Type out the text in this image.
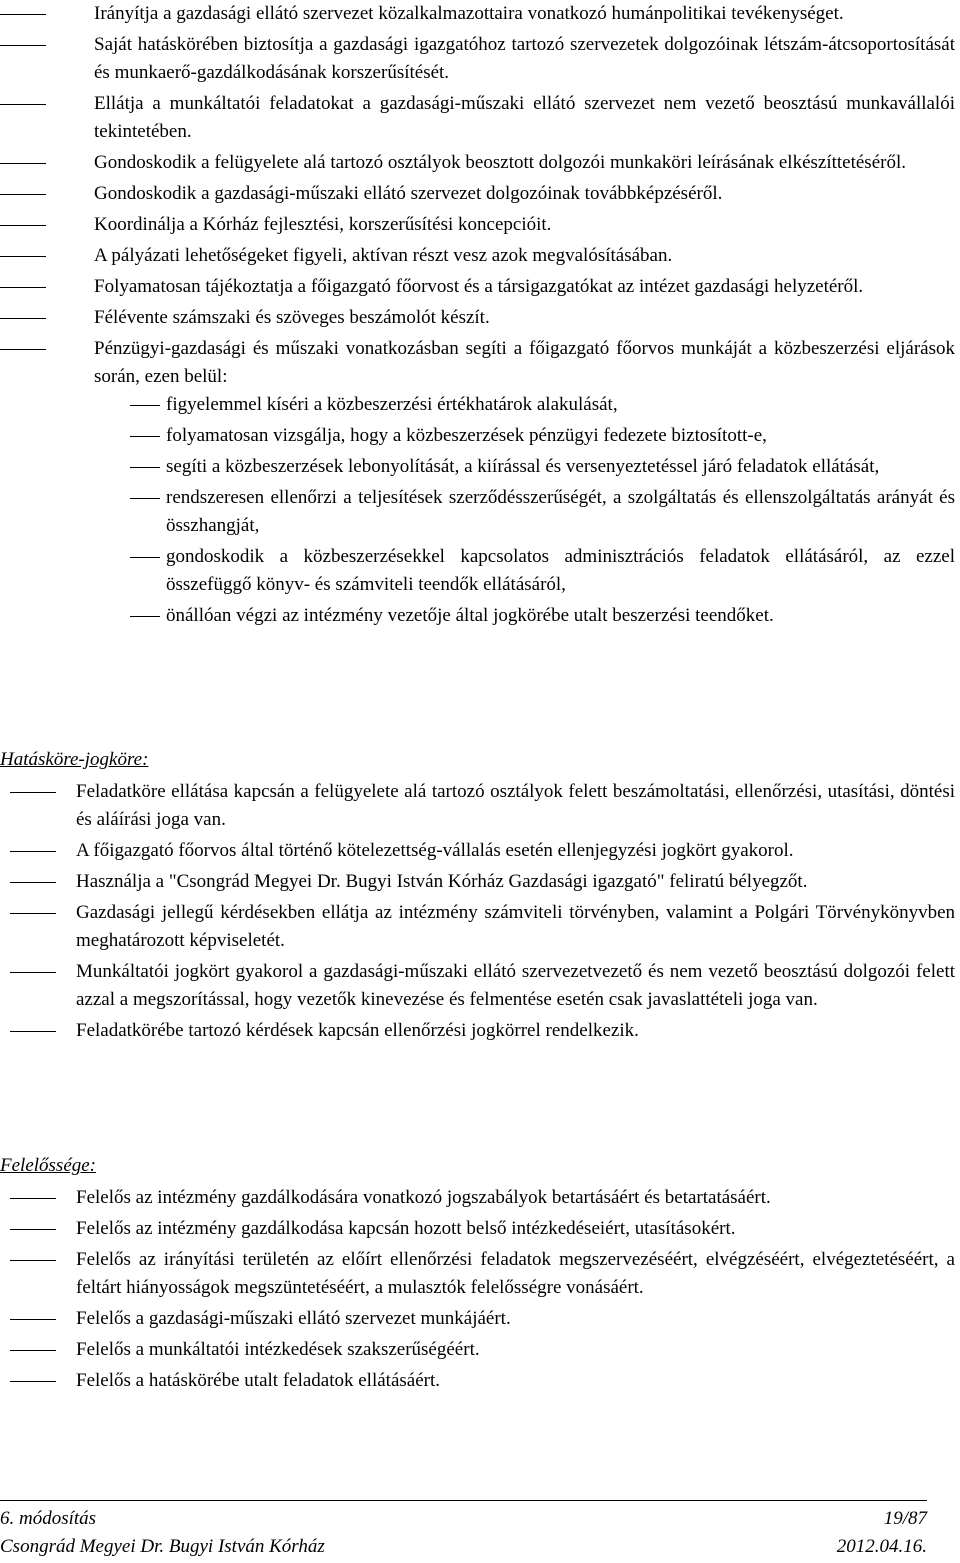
Irányítja a gazdasági ellátó szervezet közalkalmazottaira vonatkozó humánpolitikai tevékenységet.
Saját hatáskörében biztosítja a gazdasági igazgatóhoz tartozó szervezetek dolgozóinak létszám-átcsoportosítását és munkaerő-gazdálkodásának korszerűsítését.
Ellátja a munkáltatói feladatokat a gazdasági-műszaki ellátó szervezet nem vezető beosztású munkavállalói tekintetében.
Gondoskodik a felügyelete alá tartozó osztályok beosztott dolgozói munkaköri leírásának elkészíttetéséről.
Gondoskodik a gazdasági-műszaki ellátó szervezet dolgozóinak továbbképzéséről.
Koordinálja a Kórház fejlesztési, korszerűsítési koncepcióit.
A pályázati lehetőségeket figyeli, aktívan részt vesz azok megvalósításában.
Folyamatosan tájékoztatja a főigazgató főorvost és a társigazgatókat az intézet gazdasági helyzetéről.
Félévente számszaki és szöveges beszámolót készít.
Pénzügyi-gazdasági és műszaki vonatkozásban segíti a főigazgató főorvos munkáját a közbeszerzési eljárások során, ezen belül:
figyelemmel kíséri a közbeszerzési értékhatárok alakulását,
folyamatosan vizsgálja, hogy a közbeszerzések pénzügyi fedezete biztosított-e,
segíti a közbeszerzések lebonyolítását, a kiírással és versenyeztetéssel járó feladatok ellátását,
rendszeresen ellenőrzi a teljesítések szerződésszerűségét, a szolgáltatás és ellenszolgáltatás arányát és összhangját,
gondoskodik a közbeszerzésekkel kapcsolatos adminisztrációs feladatok ellátásáról, az ezzel összefüggő könyv- és számviteli teendők ellátásáról,
önállóan végzi az intézmény vezetője által jogkörébe utalt beszerzési teendőket.
Hatásköre-jogköre:
Feladatköre ellátása kapcsán a felügyelete alá tartozó osztályok felett beszámoltatási, ellenőrzési, utasítási, döntési és aláírási joga van.
A főigazgató főorvos által történő kötelezettség-vállalás esetén ellenjegyzési jogkört gyakorol.
Használja a "Csongrád Megyei Dr. Bugyi István Kórház Gazdasági igazgató" feliratú bélyegzőt.
Gazdasági jellegű kérdésekben ellátja az intézmény számviteli törvényben, valamint a Polgári Törvénykönyvben meghatározott képviseletét.
Munkáltatói jogkört gyakorol a gazdasági-műszaki ellátó szervezetvezető és nem vezető beosztású dolgozói felett azzal a megszorítással, hogy vezetők kinevezése és felmentése esetén csak javaslattételi joga van.
Feladatkörébe tartozó kérdések kapcsán ellenőrzési jogkörrel rendelkezik.
Felelőssége:
Felelős az intézmény gazdálkodására vonatkozó jogszabályok betartásáért és betartatásáért.
Felelős az intézmény gazdálkodása kapcsán hozott belső intézkedéseiért, utasításokért.
Felelős az irányítási területén az előírt ellenőrzési feladatok megszervezéséért, elvégzéséért, elvégeztetéséért, a feltárt hiányosságok megszüntetéséért, a mulasztók felelősségre vonásáért.
Felelős a gazdasági-műszaki ellátó szervezet munkájáért.
Felelős a munkáltatói intézkedések szakszerűségéért.
Felelős a hatáskörébe utalt feladatok ellátásáért.
6. módosítás	19/87
Csongrád Megyei Dr. Bugyi István Kórház	2012.04.16.
